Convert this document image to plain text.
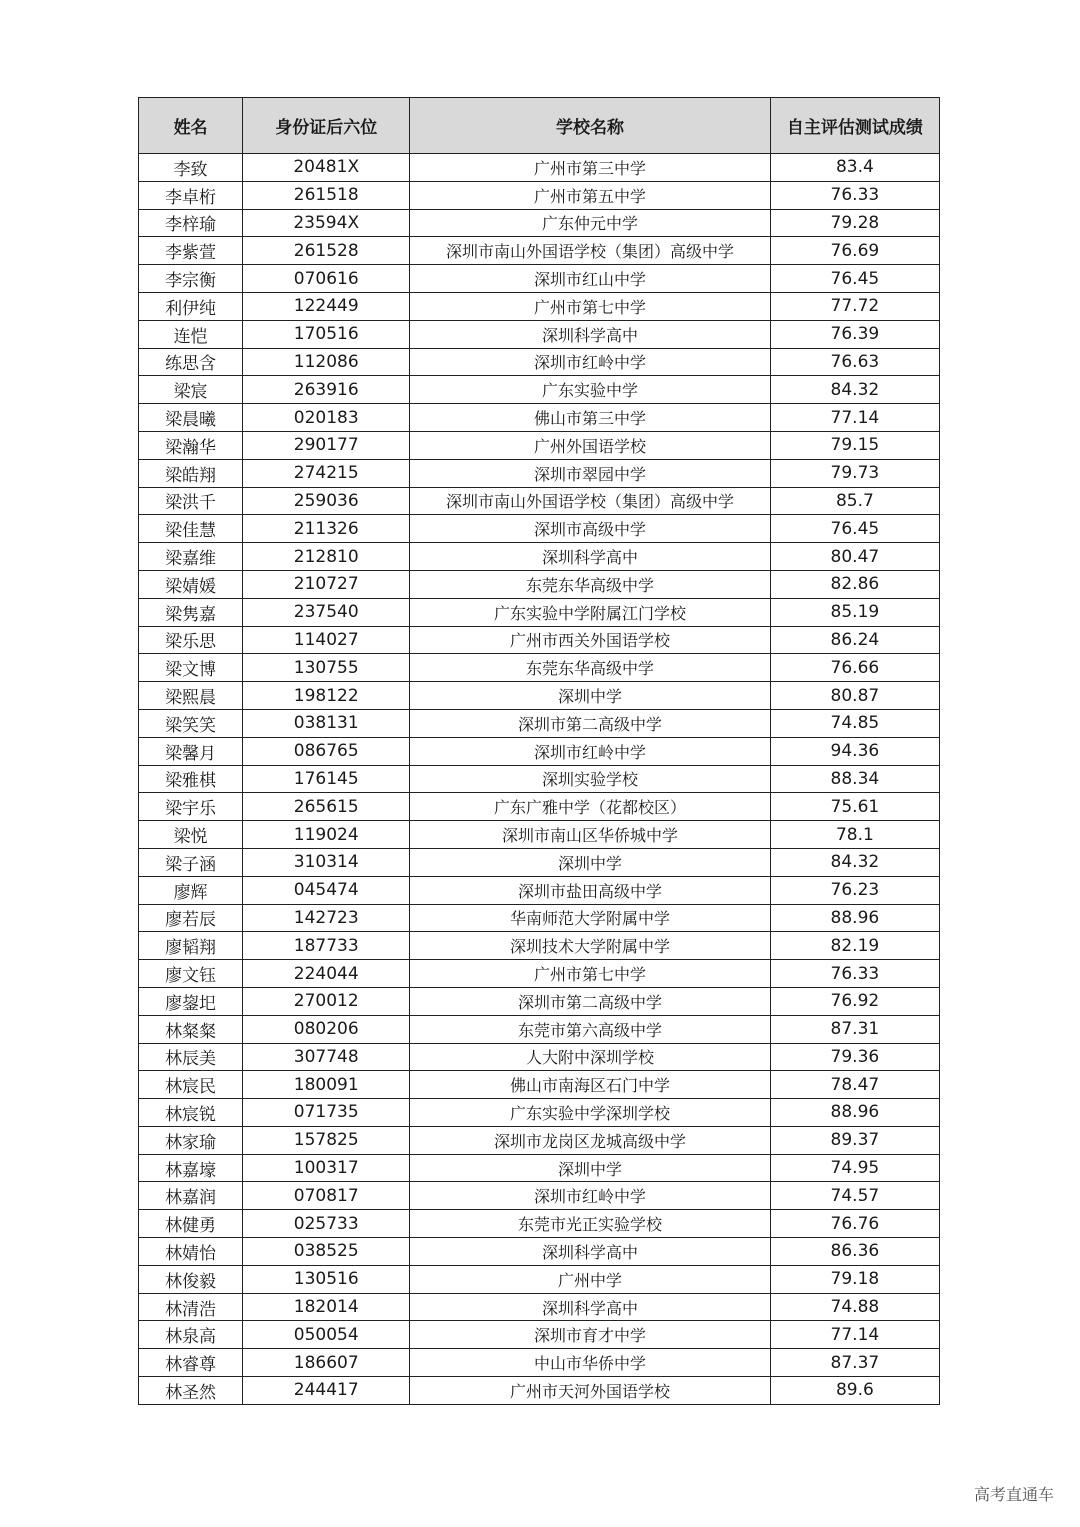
姓名	身份证后六位	学校名称	自主评估测试成绩
李致	20481X	广州市第三中学	83.4
李卓桁	261518	广州市第五中学	76.33
李梓瑜	23594X	广东仲元中学	79.28
李紫萱	261528	深圳市南山外国语学校（集团）高级中学	76.69
李宗衡	070616	深圳市红山中学	76.45
利伊纯	122449	广州市第七中学	77.72
连恺	170516	深圳科学高中	76.39
练思含	112086	深圳市红岭中学	76.63
梁宸	263916	广东实验中学	84.32
梁晨曦	020183	佛山市第三中学	77.14
梁瀚华	290177	广州外国语学校	79.15
梁皓翔	274215	深圳市翠园中学	79.73
梁洪千	259036	深圳市南山外国语学校（集团）高级中学	85.7
梁佳慧	211326	深圳市高级中学	76.45
梁嘉维	212810	深圳科学高中	80.47
梁婧媛	210727	东莞东华高级中学	82.86
梁隽嘉	237540	广东实验中学附属江门学校	85.19
梁乐思	114027	广州市西关外国语学校	86.24
梁文博	130755	东莞东华高级中学	76.66
梁熙晨	198122	深圳中学	80.87
梁笑笑	038131	深圳市第二高级中学	74.85
梁馨月	086765	深圳市红岭中学	94.36
梁雅棋	176145	深圳实验学校	88.34
梁宇乐	265615	广东广雅中学（花都校区）	75.61
梁悦	119024	深圳市南山区华侨城中学	78.1
梁子涵	310314	深圳中学	84.32
廖辉	045474	深圳市盐田高级中学	76.23
廖若辰	142723	华南师范大学附属中学	88.96
廖韬翔	187733	深圳技术大学附属中学	82.19
廖文钰	224044	广州市第七中学	76.33
廖鋆圯	270012	深圳市第二高级中学	76.92
林粲粲	080206	东莞市第六高级中学	87.31
林辰美	307748	人大附中深圳学校	79.36
林宸民	180091	佛山市南海区石门中学	78.47
林宸锐	071735	广东实验中学深圳学校	88.96
林家瑜	157825	深圳市龙岗区龙城高级中学	89.37
林嘉壕	100317	深圳中学	74.95
林嘉润	070817	深圳市红岭中学	74.57
林健勇	025733	东莞市光正实验学校	76.76
林婧怡	038525	深圳科学高中	86.36
林俊毅	130516	广州中学	79.18
林清浩	182014	深圳科学高中	74.88
林泉高	050054	深圳市育才中学	77.14
林睿尊	186607	中山市华侨中学	87.37
林圣然	244417	广州市天河外国语学校	89.6
高考直通车
